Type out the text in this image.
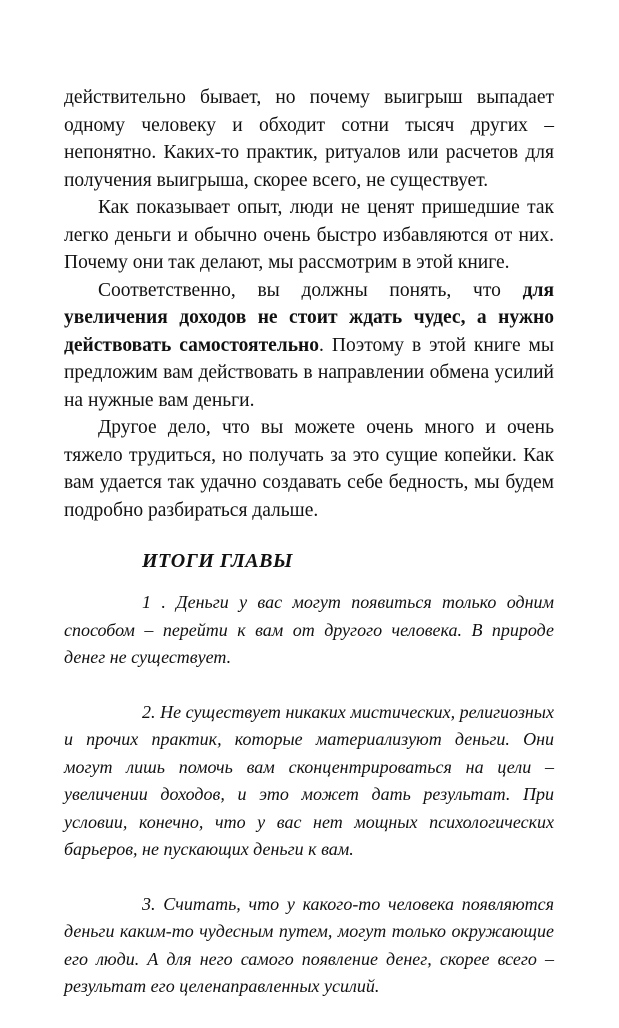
действительно бывает, но почему выигрыш выпадает одному человеку и обходит сотни тысяч других – непонятно. Каких-то практик, ритуалов или расчетов для получения выигрыша, скорее всего, не существует.

Как показывает опыт, люди не ценят пришедшие так легко деньги и обычно очень быстро избавляются от них. Почему они так делают, мы рассмотрим в этой книге.

Соответственно, вы должны понять, что для увеличения доходов не стоит ждать чудес, а нужно действовать самостоятельно. Поэтому в этой книге мы предложим вам действовать в направлении обмена усилий на нужные вам деньги.

Другое дело, что вы можете очень много и очень тяжело трудиться, но получать за это сущие копейки. Как вам удается так удачно создавать себе бедность, мы будем подробно разбираться дальше.

ИТОГИ ГЛАВЫ

1 . Деньги у вас могут появиться только одним способом – перейти к вам от другого человека. В природе денег не существует.

2. Не существует никаких мистических, религиозных и прочих практик, которые материализуют деньги. Они могут лишь помочь вам сконцентрироваться на цели – увеличении доходов, и это может дать результат. При условии, конечно, что у вас нет мощных психологических барьеров, не пускающих деньги к вам.

3. Считать, что у какого-то человека появляются деньги каким-то чудесным путем, могут только окружающие его люди. А для него самого появление денег, скорее всего – результат его целенаправленных усилий.
